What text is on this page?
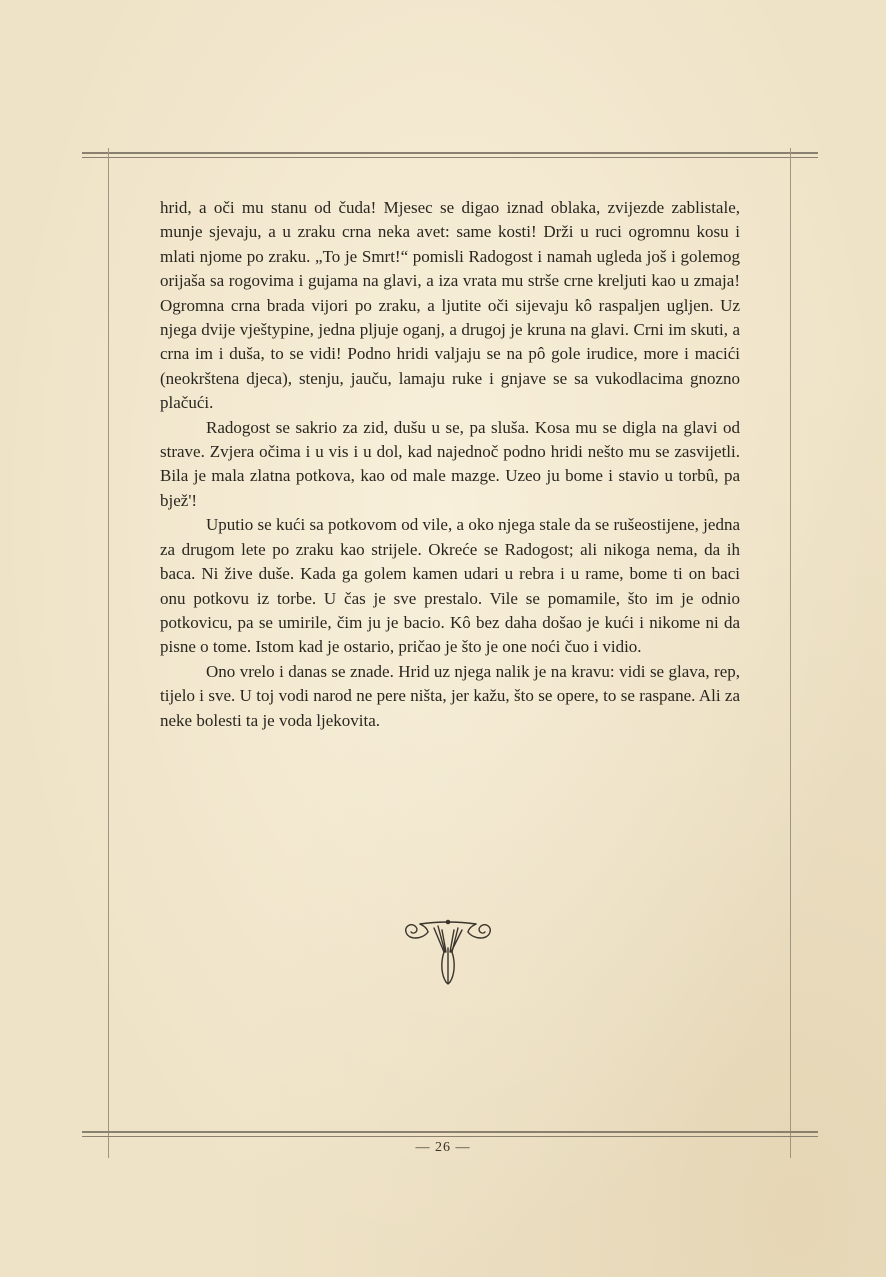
hrid, a oči mu stanu od čuda! Mjesec se digao iznad oblaka, zvijezde zablistale, munje sjevaju, a u zraku crna neka avet: same kosti! Drži u ruci ogromnu kosu i mlati njome po zraku. „To je Smrt!“ pomisli Radogost i namah ugleda još i golemog orijaša sa rogovima i gujama na glavi, a iza vrata mu strše crne kreljuti kao u zmaja! Ogromna crna brada vijori po zraku, a ljutite oči sijevaju kô raspaljen ugljen. Uz njega dvije vještурine, jedna pljuje oganj, a drugoj je kruna na glavi. Crni im skuti, a crna im i duša, to se vidi! Podno hridi valjaju se na pô gole irudice, more i macići (neokrštena djeca), stenju, jauču, lamaju ruke i gnjave se sa vukodlacima gnozno plačući.

Radogost se sakrio za zid, dušu u se, pa sluša. Kosa mu se digla na glavi od strave. Zvjera očima i u vis i u dol, kad najednoč podno hridi nešto mu se zasvijetli. Bila je mala zlatna potkova, kao od male mazge. Uzeo ju bome i stavio u torbû, pa bjež'!

Uputio se kući sa potkovom od vile, a oko njega stale da se rušeostijene, jedna za drugom lete po zraku kao strijele. Okreće se Radogost; ali nikoga nema, da ih baca. Ni žive duše. Kada ga golem kamen udari u rebra i u rame, bome ti on baci onu potkovu iz torbe. U čas je sve prestalo. Vile se pomamile, što im je odnio potkovicu, pa se umirile, čim ju je bacio. Kô bez daha došao je kući i nikome ni da pisne o tome. Istom kad je ostario, pričao je što je one noći čuo i vidio.

Ono vrelo i danas se znade. Hrid uz njega nalik je na kravu: vidi se glava, rep, tijelo i sve. U toj vodi narod ne pere ništa, jer kažu, što se opere, to se raspane. Ali za neke bolesti ta je voda ljekovita.

— 26 —
